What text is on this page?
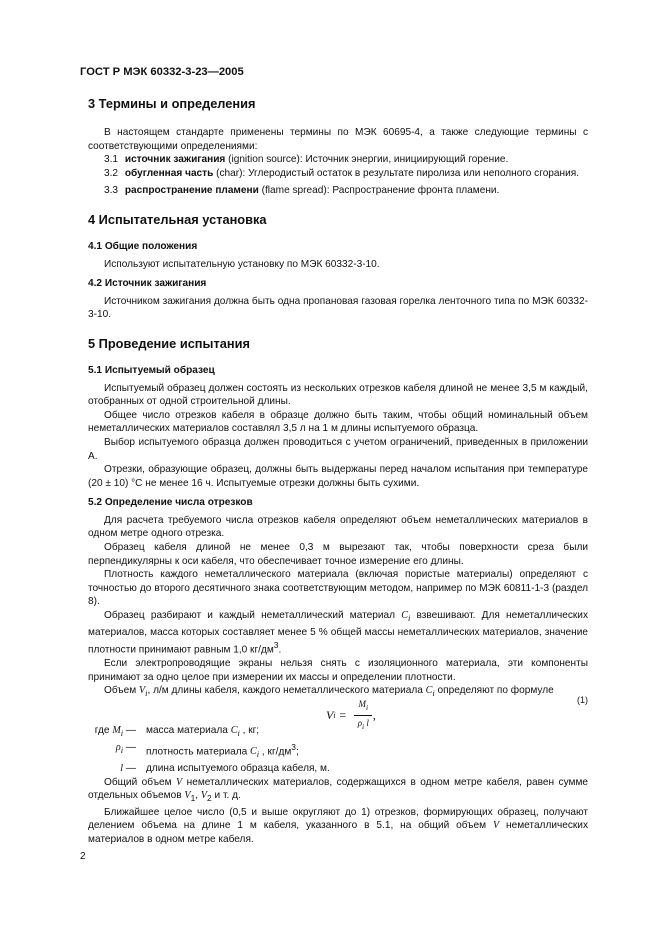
ГОСТ Р МЭК 60332-3-23—2005

3 Термины и определения

В настоящем стандарте применены термины по МЭК 60695-4, а также следующие термины с соответствующими определениями:

3.1 источник зажигания (ignition source): Источник энергии, инициирующий горение.

3.2 обугленная часть (char): Углеродистый остаток в результате пиролиза или неполного сгорания.

3.3 распространение пламени (flame spread): Распространение фронта пламени.

4 Испытательная установка

4.1 Общие положения

Используют испытательную установку по МЭК 60332-3-10.

4.2 Источник зажигания

Источником зажигания должна быть одна пропановая газовая горелка ленточного типа по МЭК 60332-3-10.

5 Проведение испытания

5.1 Испытуемый образец

Испытуемый образец должен состоять из нескольких отрезков кабеля длиной не менее 3,5 м каждый, отобранных от одной строительной длины.

Общее число отрезков кабеля в образце должно быть таким, чтобы общий номинальный объем неметаллических материалов составлял 3,5 л на 1 м длины испытуемого образца.

Выбор испытуемого образца должен проводиться с учетом ограничений, приведенных в приложении А.

Отрезки, образующие образец, должны быть выдержаны перед началом испытания при температуре (20 ± 10) °С не менее 16 ч. Испытуемые отрезки должны быть сухими.

5.2 Определение числа отрезков

Для расчета требуемого числа отрезков кабеля определяют объем неметаллических материалов в одном метре одного отрезка.

Образец кабеля длиной не менее 0,3 м вырезают так, чтобы поверхности среза были перпендикулярны к оси кабеля, что обеспечивает точное измерение его длины.

Плотность каждого неметаллического материала (включая пористые материалы) определяют с точностью до второго десятичного знака соответствующим методом, например по МЭК 60811-1-3 (раздел 8).

Образец разбирают и каждый неметаллический материал $C_i$ взвешивают. Для неметаллических материалов, масса которых составляет менее 5 % общей массы неметаллических материалов, значение плотности принимают равным 1,0 $кг/дм^3$.

Если электропроводящие экраны нельзя снять с изоляционного материала, эти компоненты принимают за одно целое при измерении их массы и определении плотности.

Объем $V_i$, л/м длины кабеля, каждого неметаллического материала $C_i$ определяют по формуле
V $i = \frac{M_i}{\rho_i l}$ ,
(1)
где $M_i$ — масса материала $C_i$ , кг;
$\rho_i$ — плотность материала $C_i$ , $кг/дм^3$;
l — длина испытуемого образца кабеля, м.

Общий объем V неметаллических материалов, содержащихся в одном метре кабеля, равен сумме отдельных объемов $V_1$, $V_2$ и т. д.

Ближайшее целое число (0,5 и выше округляют до 1) отрезков, формирующих образец, получают делением объема на длине 1 м кабеля, указанного в 5.1, на общий объем V неметаллических материалов в одном метре кабеля.

2
